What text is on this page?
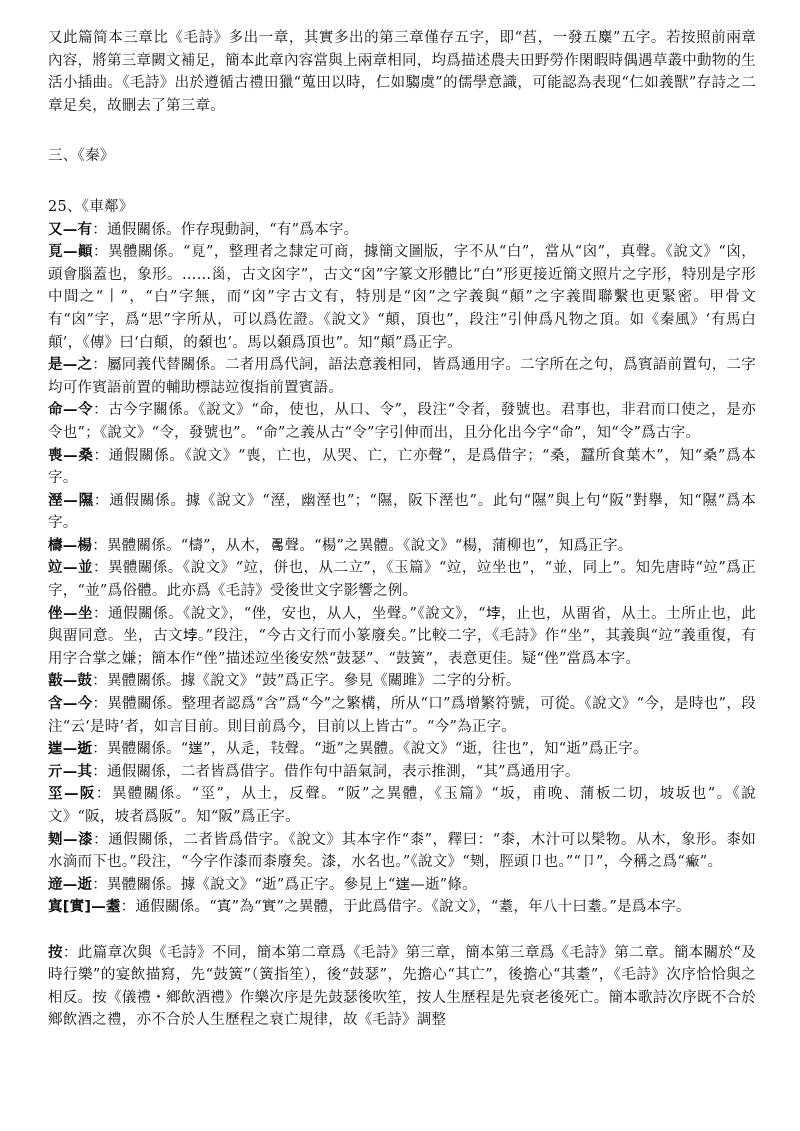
又此篇简本三章比《毛詩》多出一章，其實多出的第三章僅存五字，即“萏，一發五麋”五字。若按照前兩章內容，將第三章闕文補足，簡本此章內容當與上兩章相同，均爲描述農夫田野勞作閑暇時偶遇草叢中動物的生活小插曲。《毛詩》出於遵循古禮田獵“蒐田以時，仁如騶虞”的儒學意識，可能認為表现“仁如義獸”存詩之二章足矣，故刪去了第三章。

三、《秦》

25、《車鄰》

又—有：通假關係。作存現動詞，“有”爲本字。

𩑋—顛：異體關係。“𩑋”，整理者之隸定可商，據簡文圖版，字不从“白”，當从“囟”，真聲。《說文》“囟，頭會腦蓋也，象形。……𡿺，古文囟字”，古文“囟”字篆文形體比“白”形更接近簡文照片之字形，特別是字形中間之“丨”，“白”字無，而“囟”字古文有，特別是“囟”之字義與“顛”之字義間聯繫也更緊密。甲骨文有“囟”字，爲“思”字所从，可以爲佐證。《說文》“顛，頂也”，段注“引伸爲凡物之頂。如《秦風》‘有馬白顛’，《傳》曰‘白顛，的顙也’。馬以顙爲頂也”。知“顛”爲正字。

是—之：屬同義代替關係。二者用爲代詞，語法意義相同，皆爲通用字。二字所在之句，爲賓語前置句，二字均可作賓語前置的輔助標誌竝復指前置賓語。

命—令：古今字關係。《說文》“命，使也，从口、令”，段注“令者，發號也。君事也，非君而口使之，是亦令也”；《說文》“令，發號也”。“命”之義从古“令”字引伸而出，且分化出今字“命”，知“令”爲古字。

喪—桑：通假關係。《說文》“喪，亡也，从哭、亡，亡亦聲”，是爲借字；“桑，蠶所食葉木”，知“桑”爲本字。

溼—隰：通假關係。據《說文》“溼，幽溼也”；“隰，阪下溼也”。此句“隰”與上句“阪”對擧，知“隰”爲本字。

檮—楊：異體關係。“檮”，从木，𠷎聲。“楊”之異體。《說文》“楊，蒲柳也”，知爲正字。

竝—並：異體關係。《說文》“竝，併也，从二立”，《玉篇》“竝，竝坐也”，“並，同上”。知先唐時“竝”爲正字，“並”爲俗體。此亦爲《毛詩》受後世文字影響之例。

侳—坐：通假關係。《說文》，“侳，安也，从人，坐聲。”《說文》，“𡋯，止也，从畱省，从土。土所止也，此與畱同意。坐，古文𡋯。”段注，“今古文行而小篆廢矣。”比較二字，《毛詩》作“坐”，其義與“竝”義重復，有用字合掌之嫌；簡本作“侳”描述竝坐後安然“鼓瑟”、“鼓簧”，表意更佳。疑“侳”當爲本字。

敼—鼓：異體關係。據《說文》“鼓”爲正字。參見《關雎》二字的分析。

含—今：異體關係。整理者認爲“含”爲“今”之繁構，所从“口”爲增繁符號，可從。《說文》“今，是時也”，段注“云‘是時’者，如言目前。則目前爲今，目前以上皆古”。“今”為正字。

𨓏—逝：異體關係。“𨓏”，从辵，𢽁聲。“逝”之異體。《說文》“逝，往也”，知“逝”爲正字。

亓—其：通假關係，二者皆爲借字。借作句中語氣詞，表示推測，“其”爲通用字。

坙—阪：異體關係。“坙”，从土，反聲。“阪”之異體，《玉篇》“坂，甫晚、蒲板二切，坡坂也”。《說文》“阪，坡者爲阪”。知“阪”爲正字。

㓶—漆：通假關係，二者皆爲借字。《說文》其本字作“桼”，釋曰：“桼，木汁可以髤物。从木，象形。桼如水滴而下也。”段注，“今字作漆而桼廢矣。漆，水名也。”《說文》“㓶，脛頭卩也。”“卩”，今稱之爲“𤺓”。

遆—逝：異體關係。據《說文》“逝”爲正字。參見上“𨓏—逝”條。

寘[實]—耋：通假關係。“寘”為“實”之異體，于此爲借字。《說文》，“耋，年八十曰耋。”是爲本字。

按：此篇章次與《毛詩》不同，簡本第二章爲《毛詩》第三章，簡本第三章爲《毛詩》第二章。簡本關於“及時行樂”的宴飲描寫，先“鼓簧”（簧指笙），後“鼓瑟”，先擔心“其亡”，後擔心“其耋”，《毛詩》次序恰恰與之相反。按《儀禮・鄉飲酒禮》作樂次序是先鼓瑟後吹笙，按人生歷程是先衰老後死亡。簡本歌詩次序既不合於鄉飲酒之禮，亦不合於人生歷程之衰亡規律，故《毛詩》調整
